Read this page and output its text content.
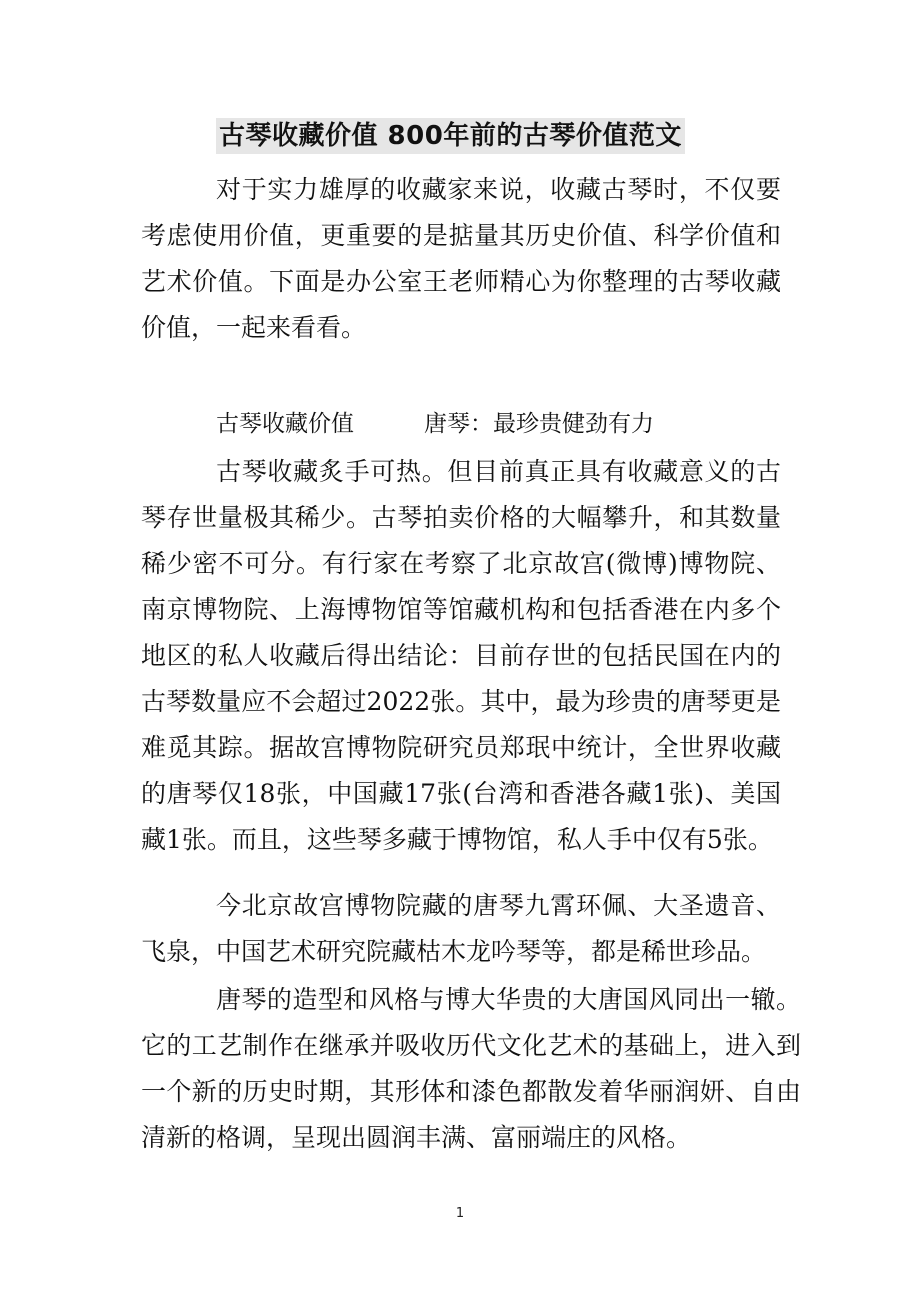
古琴收藏价值 800年前的古琴价值范文

对于实力雄厚的收藏家来说，收藏古琴时，不仅要考虑使用价值，更重要的是掂量其历史价值、科学价值和艺术价值。下面是办公室王老师精心为你整理的古琴收藏价值，一起来看看。

古琴收藏价值	唐琴：最珍贵健劲有力

古琴收藏炙手可热。但目前真正具有收藏意义的古琴存世量极其稀少。古琴拍卖价格的大幅攀升，和其数量稀少密不可分。有行家在考察了北京故宫(微博)博物院、南京博物院、上海博物馆等馆藏机构和包括香港在内多个地区的私人收藏后得出结论：目前存世的包括民国在内的古琴数量应不会超过2022张。其中，最为珍贵的唐琴更是难觅其踪。据故宫博物院研究员郑珉中统计，全世界收藏的唐琴仅18张，中国藏17张(台湾和香港各藏1张)、美国藏1张。而且，这些琴多藏于博物馆，私人手中仅有5张。

今北京故宫博物院藏的唐琴九霄环佩、大圣遗音、飞泉，中国艺术研究院藏枯木龙吟琴等，都是稀世珍品。

唐琴的造型和风格与博大华贵的大唐国风同出一辙。它的工艺制作在继承并吸收历代文化艺术的基础上，进入到一个新的历史时期，其形体和漆色都散发着华丽润妍、自由清新的格调，呈现出圆润丰满、富丽端庄的风格。

1
